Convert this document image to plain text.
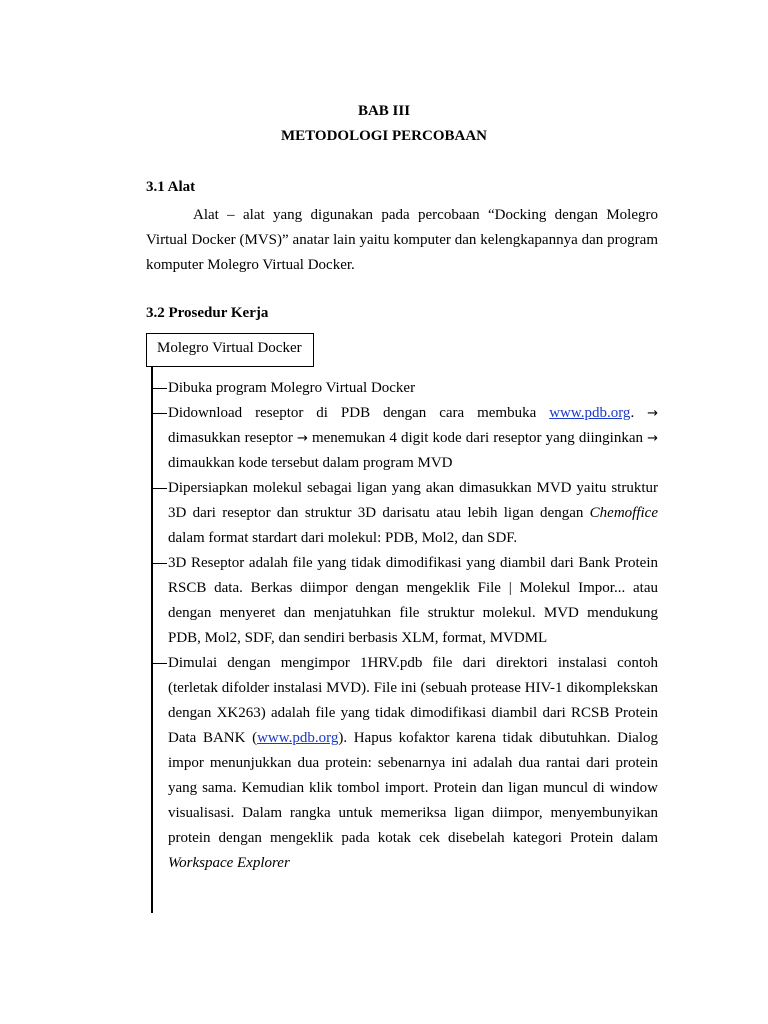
BAB III
METODOLOGI PERCOBAAN
3.1 Alat

Alat – alat yang digunakan pada percobaan “Docking dengan Molegro Virtual Docker (MVS)” anatar lain yaitu komputer dan kelengkapannya dan program komputer Molegro Virtual Docker.

3.2 Prosedur Kerja
Molegro Virtual Docker
Dibuka program Molegro Virtual Docker
Didownload reseptor di PDB dengan cara membuka www.pdb.org. → dimasukkan reseptor → menemukan 4 digit kode dari reseptor yang diinginkan → dimaukkan kode tersebut dalam program MVD
Dipersiapkan molekul sebagai ligan yang akan dimasukkan MVD yaitu struktur 3D dari reseptor dan struktur 3D darisatu atau lebih ligan dengan Chemoffice dalam format stardart dari molekul: PDB, Mol2, dan SDF.
3D Reseptor adalah file yang tidak dimodifikasi yang diambil dari Bank Protein RSCB data. Berkas diimpor dengan mengeklik File | Molekul Impor... atau dengan menyeret dan menjatuhkan file struktur molekul. MVD mendukung PDB, Mol2, SDF, dan sendiri berbasis XLM, format, MVDML
Dimulai dengan mengimpor 1HRV.pdb file dari direktori instalasi contoh (terletak difolder instalasi MVD). File ini (sebuah protease HIV-1 dikomplekskan dengan XK263) adalah file yang tidak dimodifikasi diambil dari RCSB Protein Data BANK (www.pdb.org). Hapus kofaktor karena tidak dibutuhkan. Dialog impor menunjukkan dua protein: sebenarnya ini adalah dua rantai dari protein yang sama. Kemudian klik tombol import. Protein dan ligan muncul di window visualisasi. Dalam rangka untuk memeriksa ligan diimpor, menyembunyikan protein dengan mengeklik pada kotak cek disebelah kategori Protein dalam Workspace Explorer
